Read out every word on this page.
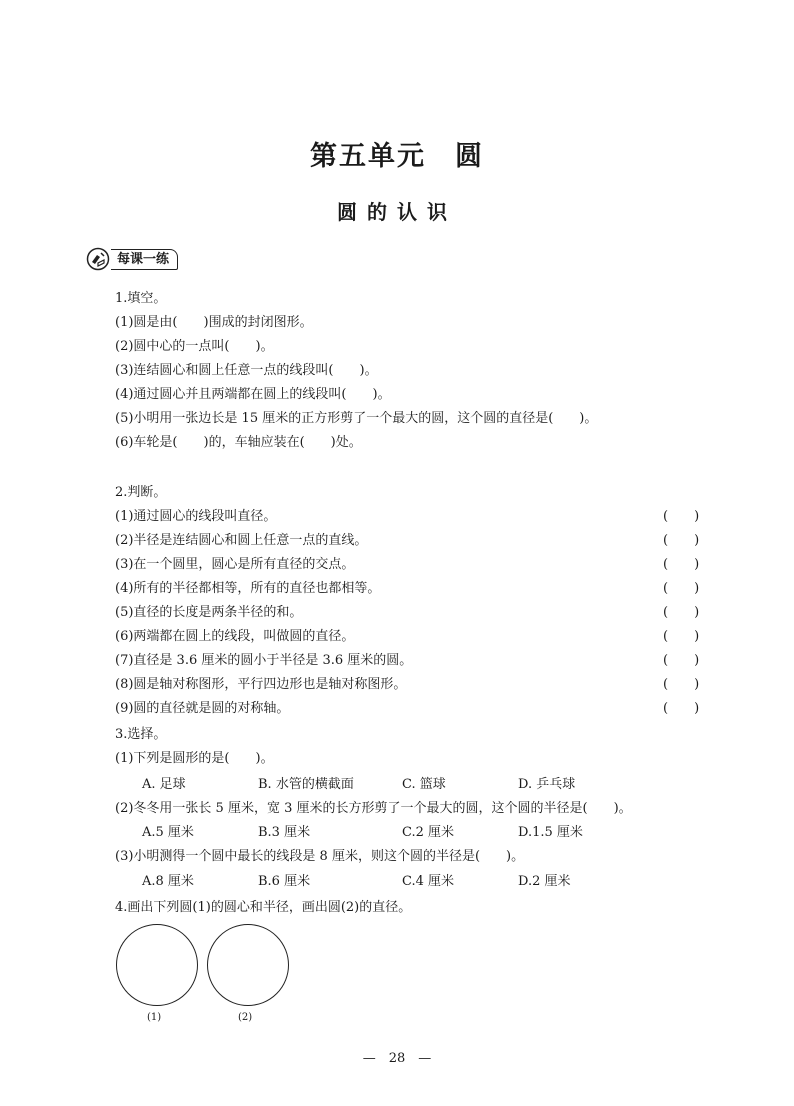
第五单元　圆
圆的认识
每课一练
1.填空。
(1)圆是由( )围成的封闭图形。
(2)圆中心的一点叫( )。
(3)连结圆心和圆上任意一点的线段叫( )。
(4)通过圆心并且两端都在圆上的线段叫( )。
(5)小明用一张边长是 15 厘米的正方形剪了一个最大的圆，这个圆的直径是( )。
(6)车轮是( )的，车轴应装在( )处。
2.判断。
(1)通过圆心的线段叫直径。	( )
(2)半径是连结圆心和圆上任意一点的直线。	( )
(3)在一个圆里，圆心是所有直径的交点。	( )
(4)所有的半径都相等，所有的直径也都相等。	( )
(5)直径的长度是两条半径的和。	( )
(6)两端都在圆上的线段，叫做圆的直径。	( )
(7)直径是 3.6 厘米的圆小于半径是 3.6 厘米的圆。	( )
(8)圆是轴对称图形，平行四边形也是轴对称图形。	( )
(9)圆的直径就是圆的对称轴。	( )
3.选择。
(1)下列是圆形的是( )。
A. 足球	B. 水管的横截面	C. 篮球	D. 乒乓球
(2)冬冬用一张长 5 厘米，宽 3 厘米的长方形剪了一个最大的圆，这个圆的半径是( )。
A.5 厘米	B.3 厘米	C.2 厘米	D.1.5 厘米
(3)小明测得一个圆中最长的线段是 8 厘米，则这个圆的半径是( )。
A.8 厘米	B.6 厘米	C.4 厘米	D.2 厘米
4.画出下列圆(1)的圆心和半径，画出圆(2)的直径。
(1)	(2)
—　28　—
